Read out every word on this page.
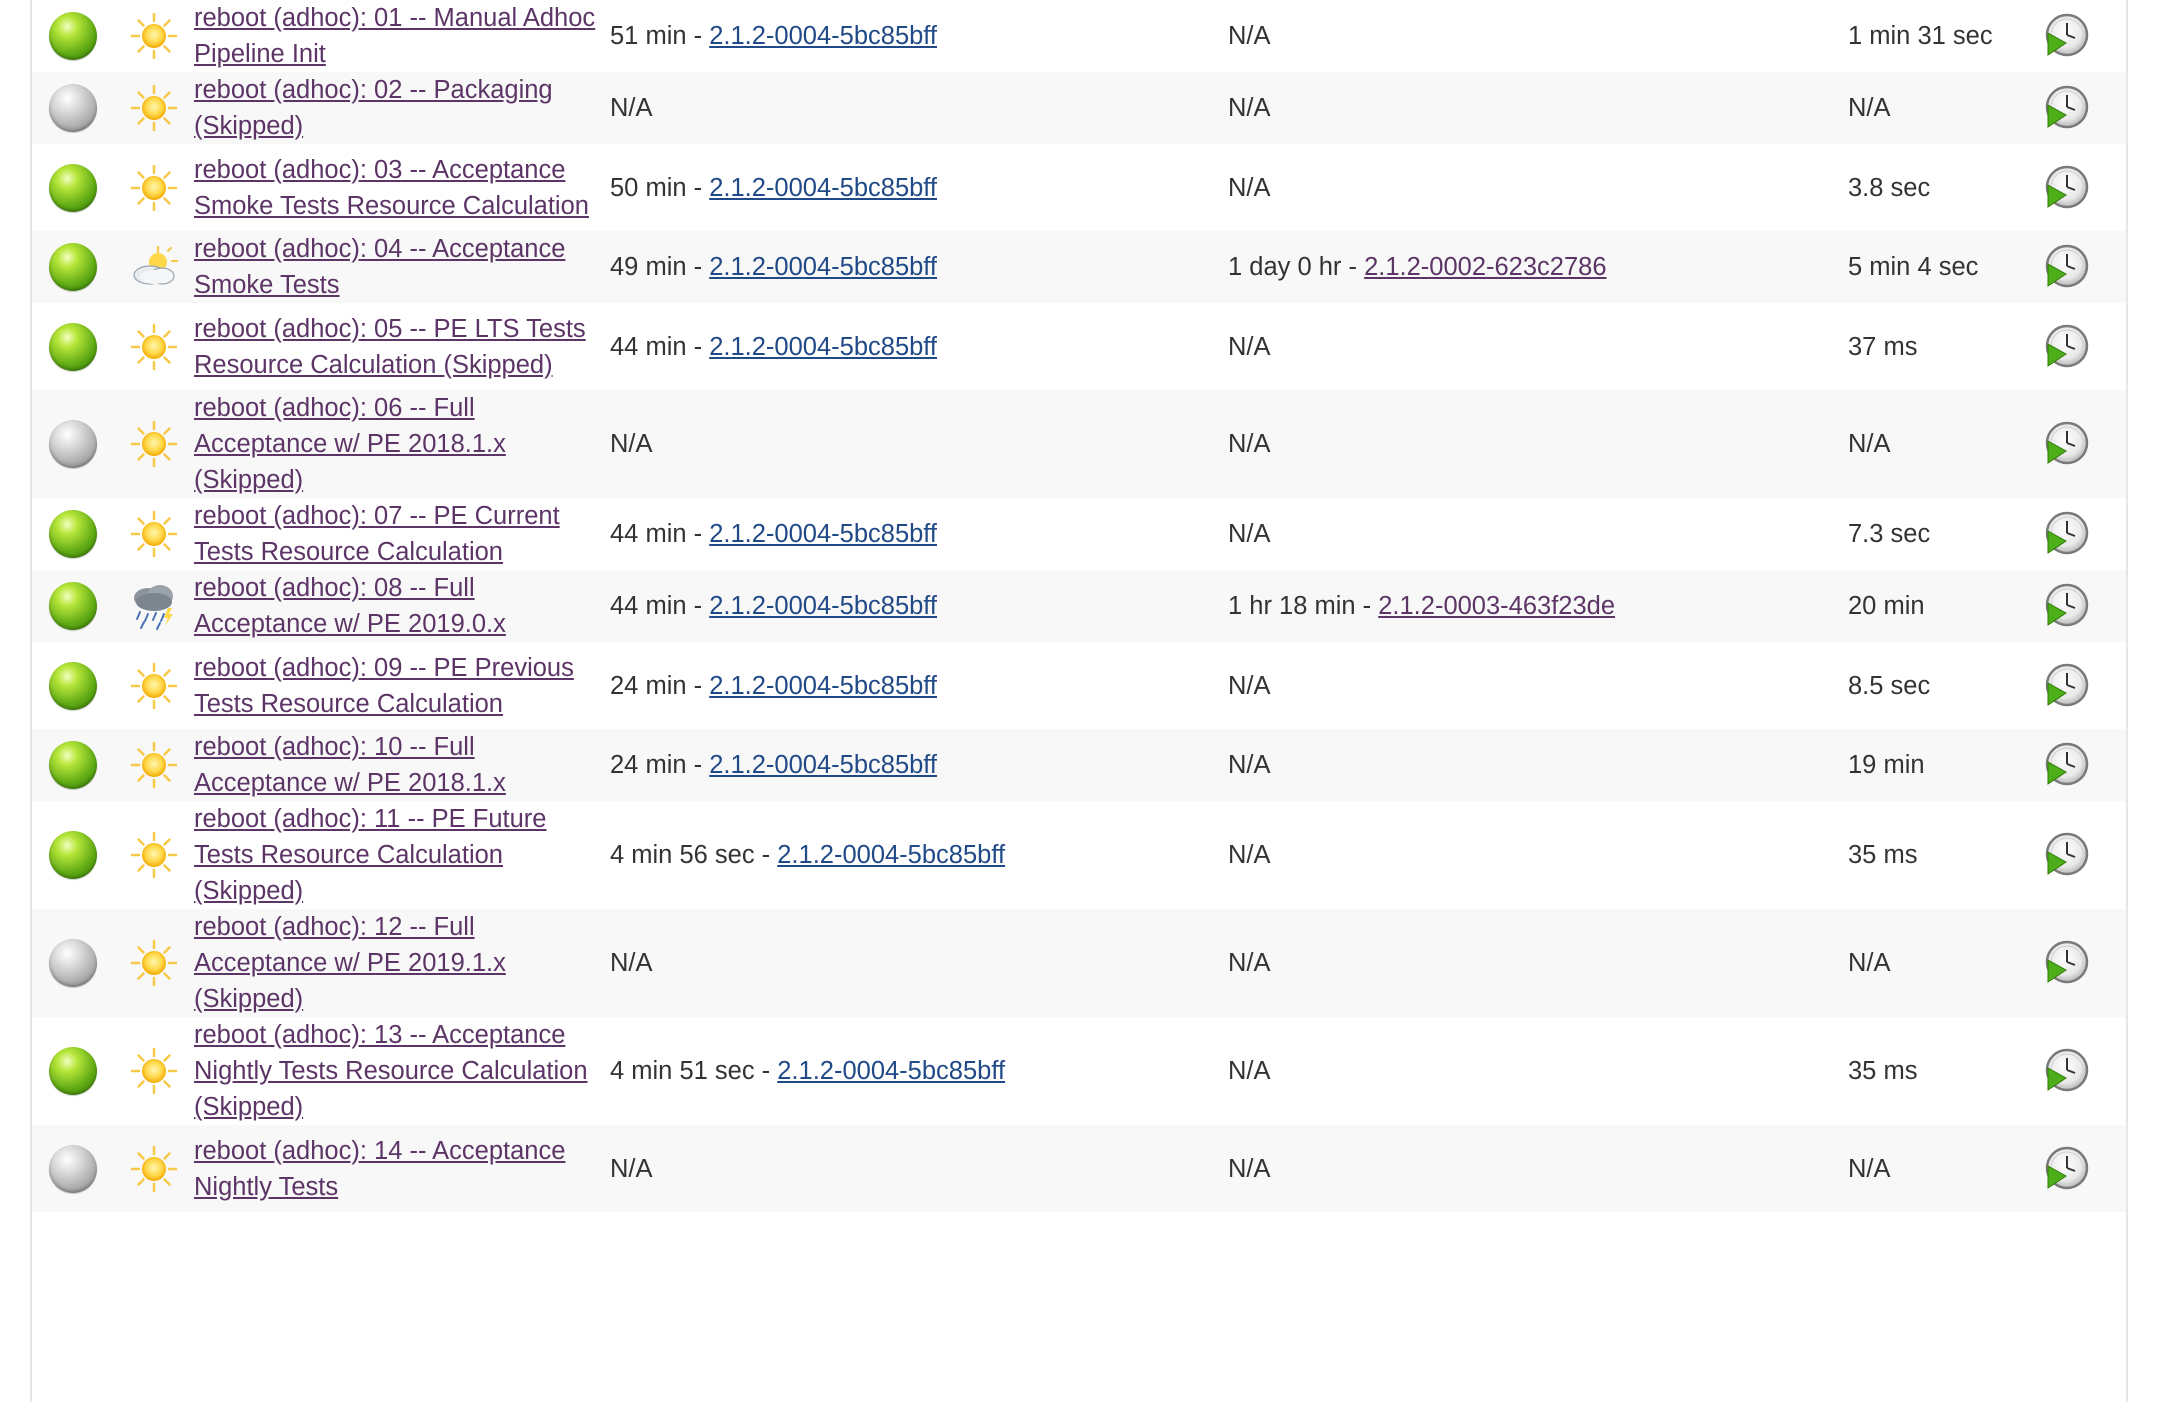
		reboot (adhoc): 01 -- Manual Adhoc Pipeline Init	51 min - 2.1.2-0004-5bc85bff	N/A	1 min 31 sec	
		reboot (adhoc): 02 -- Packaging (Skipped)	N/A	N/A	N/A	
		reboot (adhoc): 03 -- Acceptance Smoke Tests Resource Calculation	50 min - 2.1.2-0004-5bc85bff	N/A	3.8 sec	
		reboot (adhoc): 04 -- Acceptance Smoke Tests	49 min - 2.1.2-0004-5bc85bff	1 day 0 hr - 2.1.2-0002-623c2786	5 min 4 sec	
		reboot (adhoc): 05 -- PE LTS Tests Resource Calculation (Skipped)	44 min - 2.1.2-0004-5bc85bff	N/A	37 ms	
		reboot (adhoc): 06 -- Full Acceptance w/ PE 2018.1.x (Skipped)	N/A	N/A	N/A	
		reboot (adhoc): 07 -- PE Current Tests Resource Calculation	44 min - 2.1.2-0004-5bc85bff	N/A	7.3 sec	
		reboot (adhoc): 08 -- Full Acceptance w/ PE 2019.0.x	44 min - 2.1.2-0004-5bc85bff	1 hr 18 min - 2.1.2-0003-463f23de	20 min	
		reboot (adhoc): 09 -- PE Previous Tests Resource Calculation	24 min - 2.1.2-0004-5bc85bff	N/A	8.5 sec	
		reboot (adhoc): 10 -- Full Acceptance w/ PE 2018.1.x	24 min - 2.1.2-0004-5bc85bff	N/A	19 min	
		reboot (adhoc): 11 -- PE Future Tests Resource Calculation (Skipped)	4 min 56 sec - 2.1.2-0004-5bc85bff	N/A	35 ms	
		reboot (adhoc): 12 -- Full Acceptance w/ PE 2019.1.x (Skipped)	N/A	N/A	N/A	
		reboot (adhoc): 13 -- Acceptance Nightly Tests Resource Calculation (Skipped)	4 min 51 sec - 2.1.2-0004-5bc85bff	N/A	35 ms	
		reboot (adhoc): 14 -- Acceptance Nightly Tests	N/A	N/A	N/A	
